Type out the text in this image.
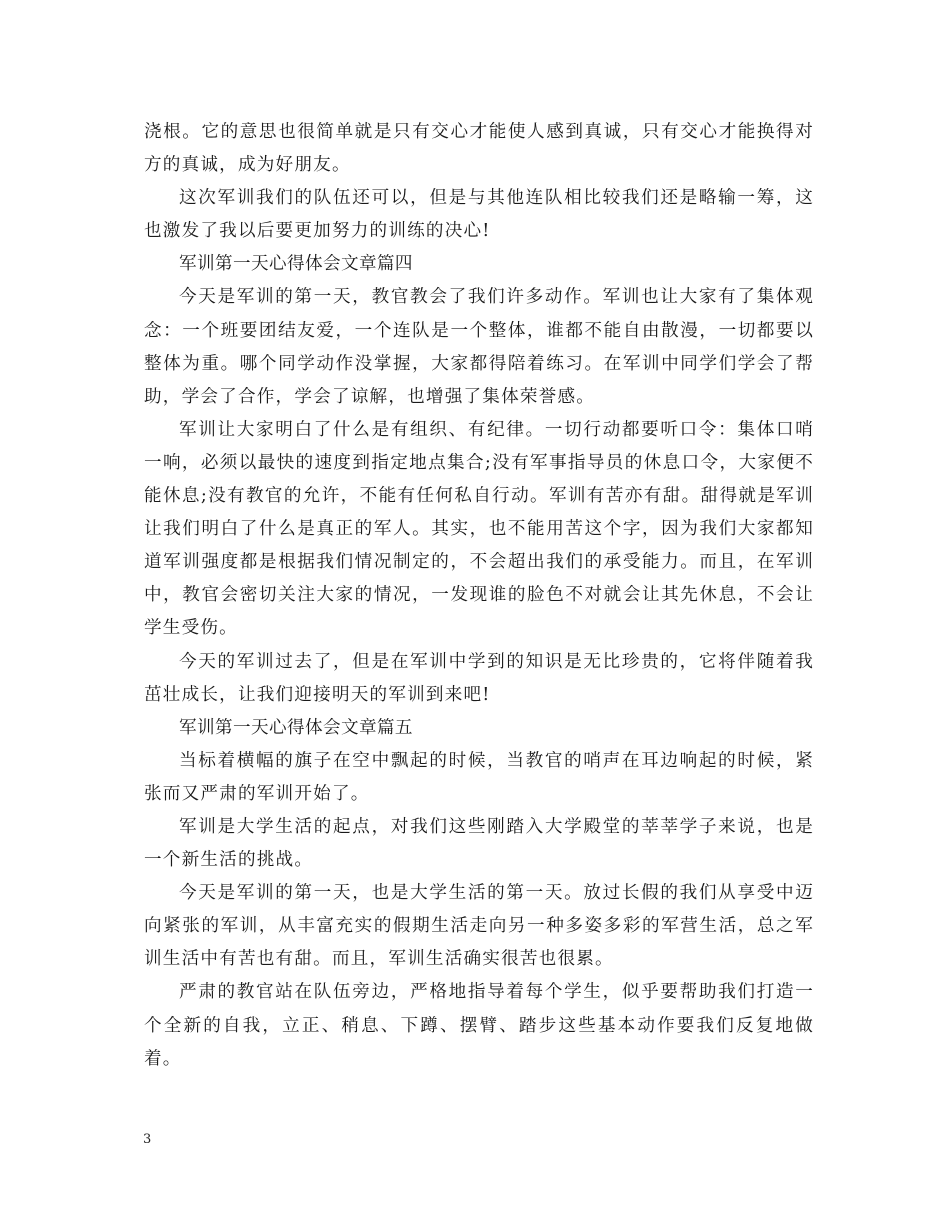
浇根。它的意思也很简单就是只有交心才能使人感到真诚，只有交心才能换得对方的真诚，成为好朋友。

这次军训我们的队伍还可以，但是与其他连队相比较我们还是略输一筹，这也激发了我以后要更加努力的训练的决心!

军训第一天心得体会文章篇四

今天是军训的第一天，教官教会了我们许多动作。军训也让大家有了集体观念：一个班要团结友爱，一个连队是一个整体，谁都不能自由散漫，一切都要以整体为重。哪个同学动作没掌握，大家都得陪着练习。在军训中同学们学会了帮助，学会了合作，学会了谅解，也增强了集体荣誉感。

军训让大家明白了什么是有组织、有纪律。一切行动都要听口令：集体口哨一响，必须以最快的速度到指定地点集合;没有军事指导员的休息口令，大家便不能休息;没有教官的允许，不能有任何私自行动。军训有苦亦有甜。甜得就是军训让我们明白了什么是真正的军人。其实，也不能用苦这个字，因为我们大家都知道军训强度都是根据我们情况制定的，不会超出我们的承受能力。而且，在军训中，教官会密切关注大家的情况，一发现谁的脸色不对就会让其先休息，不会让学生受伤。

今天的军训过去了，但是在军训中学到的知识是无比珍贵的，它将伴随着我茁壮成长，让我们迎接明天的军训到来吧!

军训第一天心得体会文章篇五

当标着横幅的旗子在空中飘起的时候，当教官的哨声在耳边响起的时候，紧张而又严肃的军训开始了。

军训是大学生活的起点，对我们这些刚踏入大学殿堂的莘莘学子来说，也是一个新生活的挑战。

今天是军训的第一天，也是大学生活的第一天。放过长假的我们从享受中迈向紧张的军训，从丰富充实的假期生活走向另一种多姿多彩的军营生活，总之军训生活中有苦也有甜。而且，军训生活确实很苦也很累。

严肃的教官站在队伍旁边，严格地指导着每个学生，似乎要帮助我们打造一个全新的自我，立正、稍息、下蹲、摆臂、踏步这些基本动作要我们反复地做着。

3
